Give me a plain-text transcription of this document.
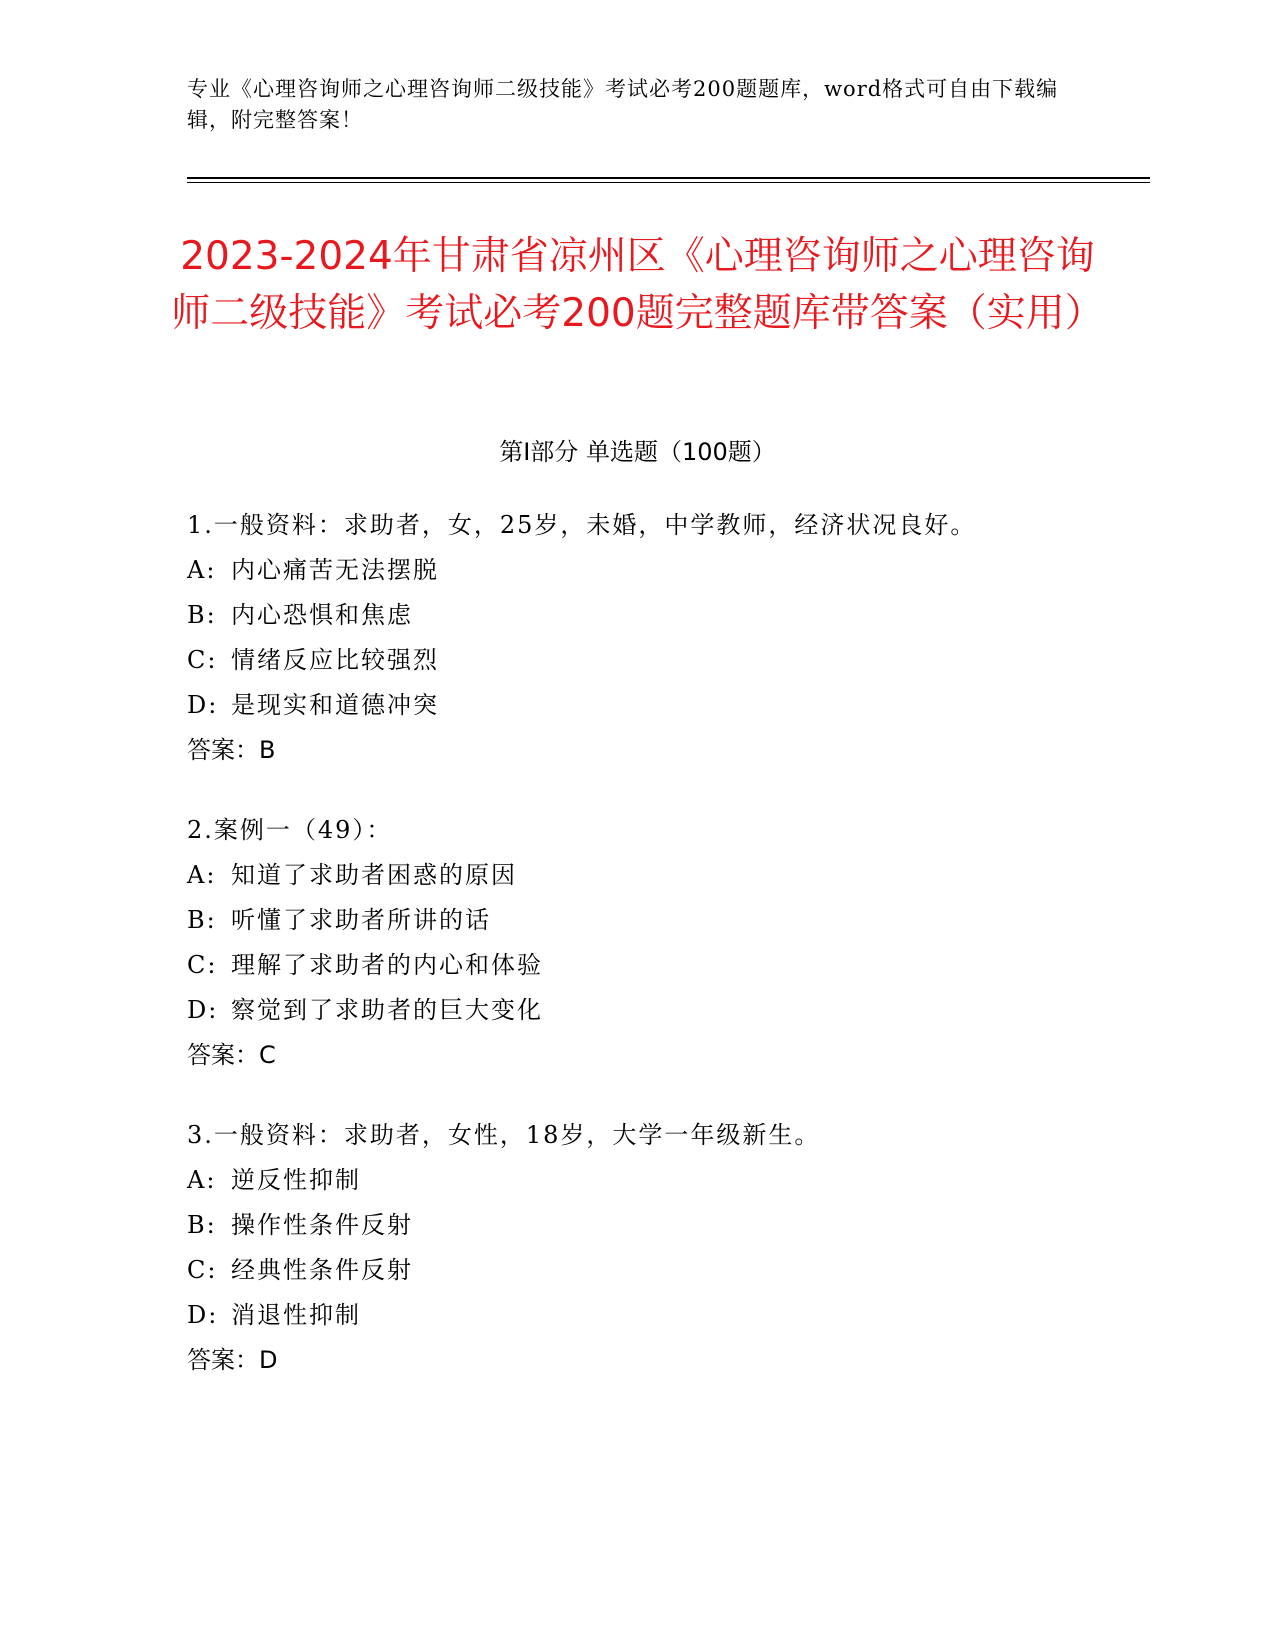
专业《心理咨询师之心理咨询师二级技能》考试必考200题题库，word格式可自由下载编辑，附完整答案！
2023-2024年甘肃省凉州区《心理咨询师之心理咨询师二级技能》考试必考200题完整题库带答案（实用）
第Ⅰ部分 单选题（100题）
1.一般资料：求助者，女，25岁，未婚，中学教师，经济状况良好。
A: 内心痛苦无法摆脱
B: 内心恐惧和焦虑
C: 情绪反应比较强烈
D: 是现实和道德冲突
答案：B
2.案例一（49）：
A: 知道了求助者困惑的原因
B: 听懂了求助者所讲的话
C: 理解了求助者的内心和体验
D: 察觉到了求助者的巨大变化
答案：C
3.一般资料：求助者，女性，18岁，大学一年级新生。
A: 逆反性抑制
B: 操作性条件反射
C: 经典性条件反射
D: 消退性抑制
答案：D
